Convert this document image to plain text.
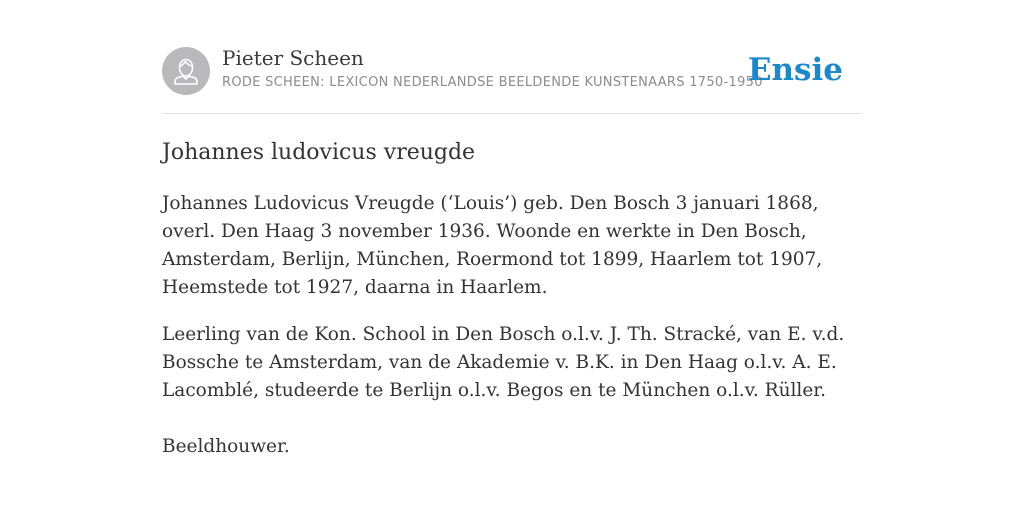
Pieter Scheen
RODE SCHEEN: LEXICON NEDERLANDSE BEELDENDE KUNSTENAARS 1750-1950
Ensie
Johannes ludovicus vreugde

Johannes Ludovicus Vreugde (‘Louis’) geb. Den Bosch 3 januari 1868, overl. Den Haag 3 november 1936. Woonde en werkte in Den Bosch, Amsterdam, Berlijn, München, Roermond tot 1899, Haarlem tot 1907, Heemstede tot 1927, daarna in Haarlem.

Leerling van de Kon. School in Den Bosch o.l.v. J. Th. Stracké, van E. v.d. Bossche te Amsterdam, van de Akademie v. B.K. in Den Haag o.l.v. A. E. Lacomblé, studeerde te Berlijn o.l.v. Begos en te München o.l.v. Rüller.

Beeldhouwer.
